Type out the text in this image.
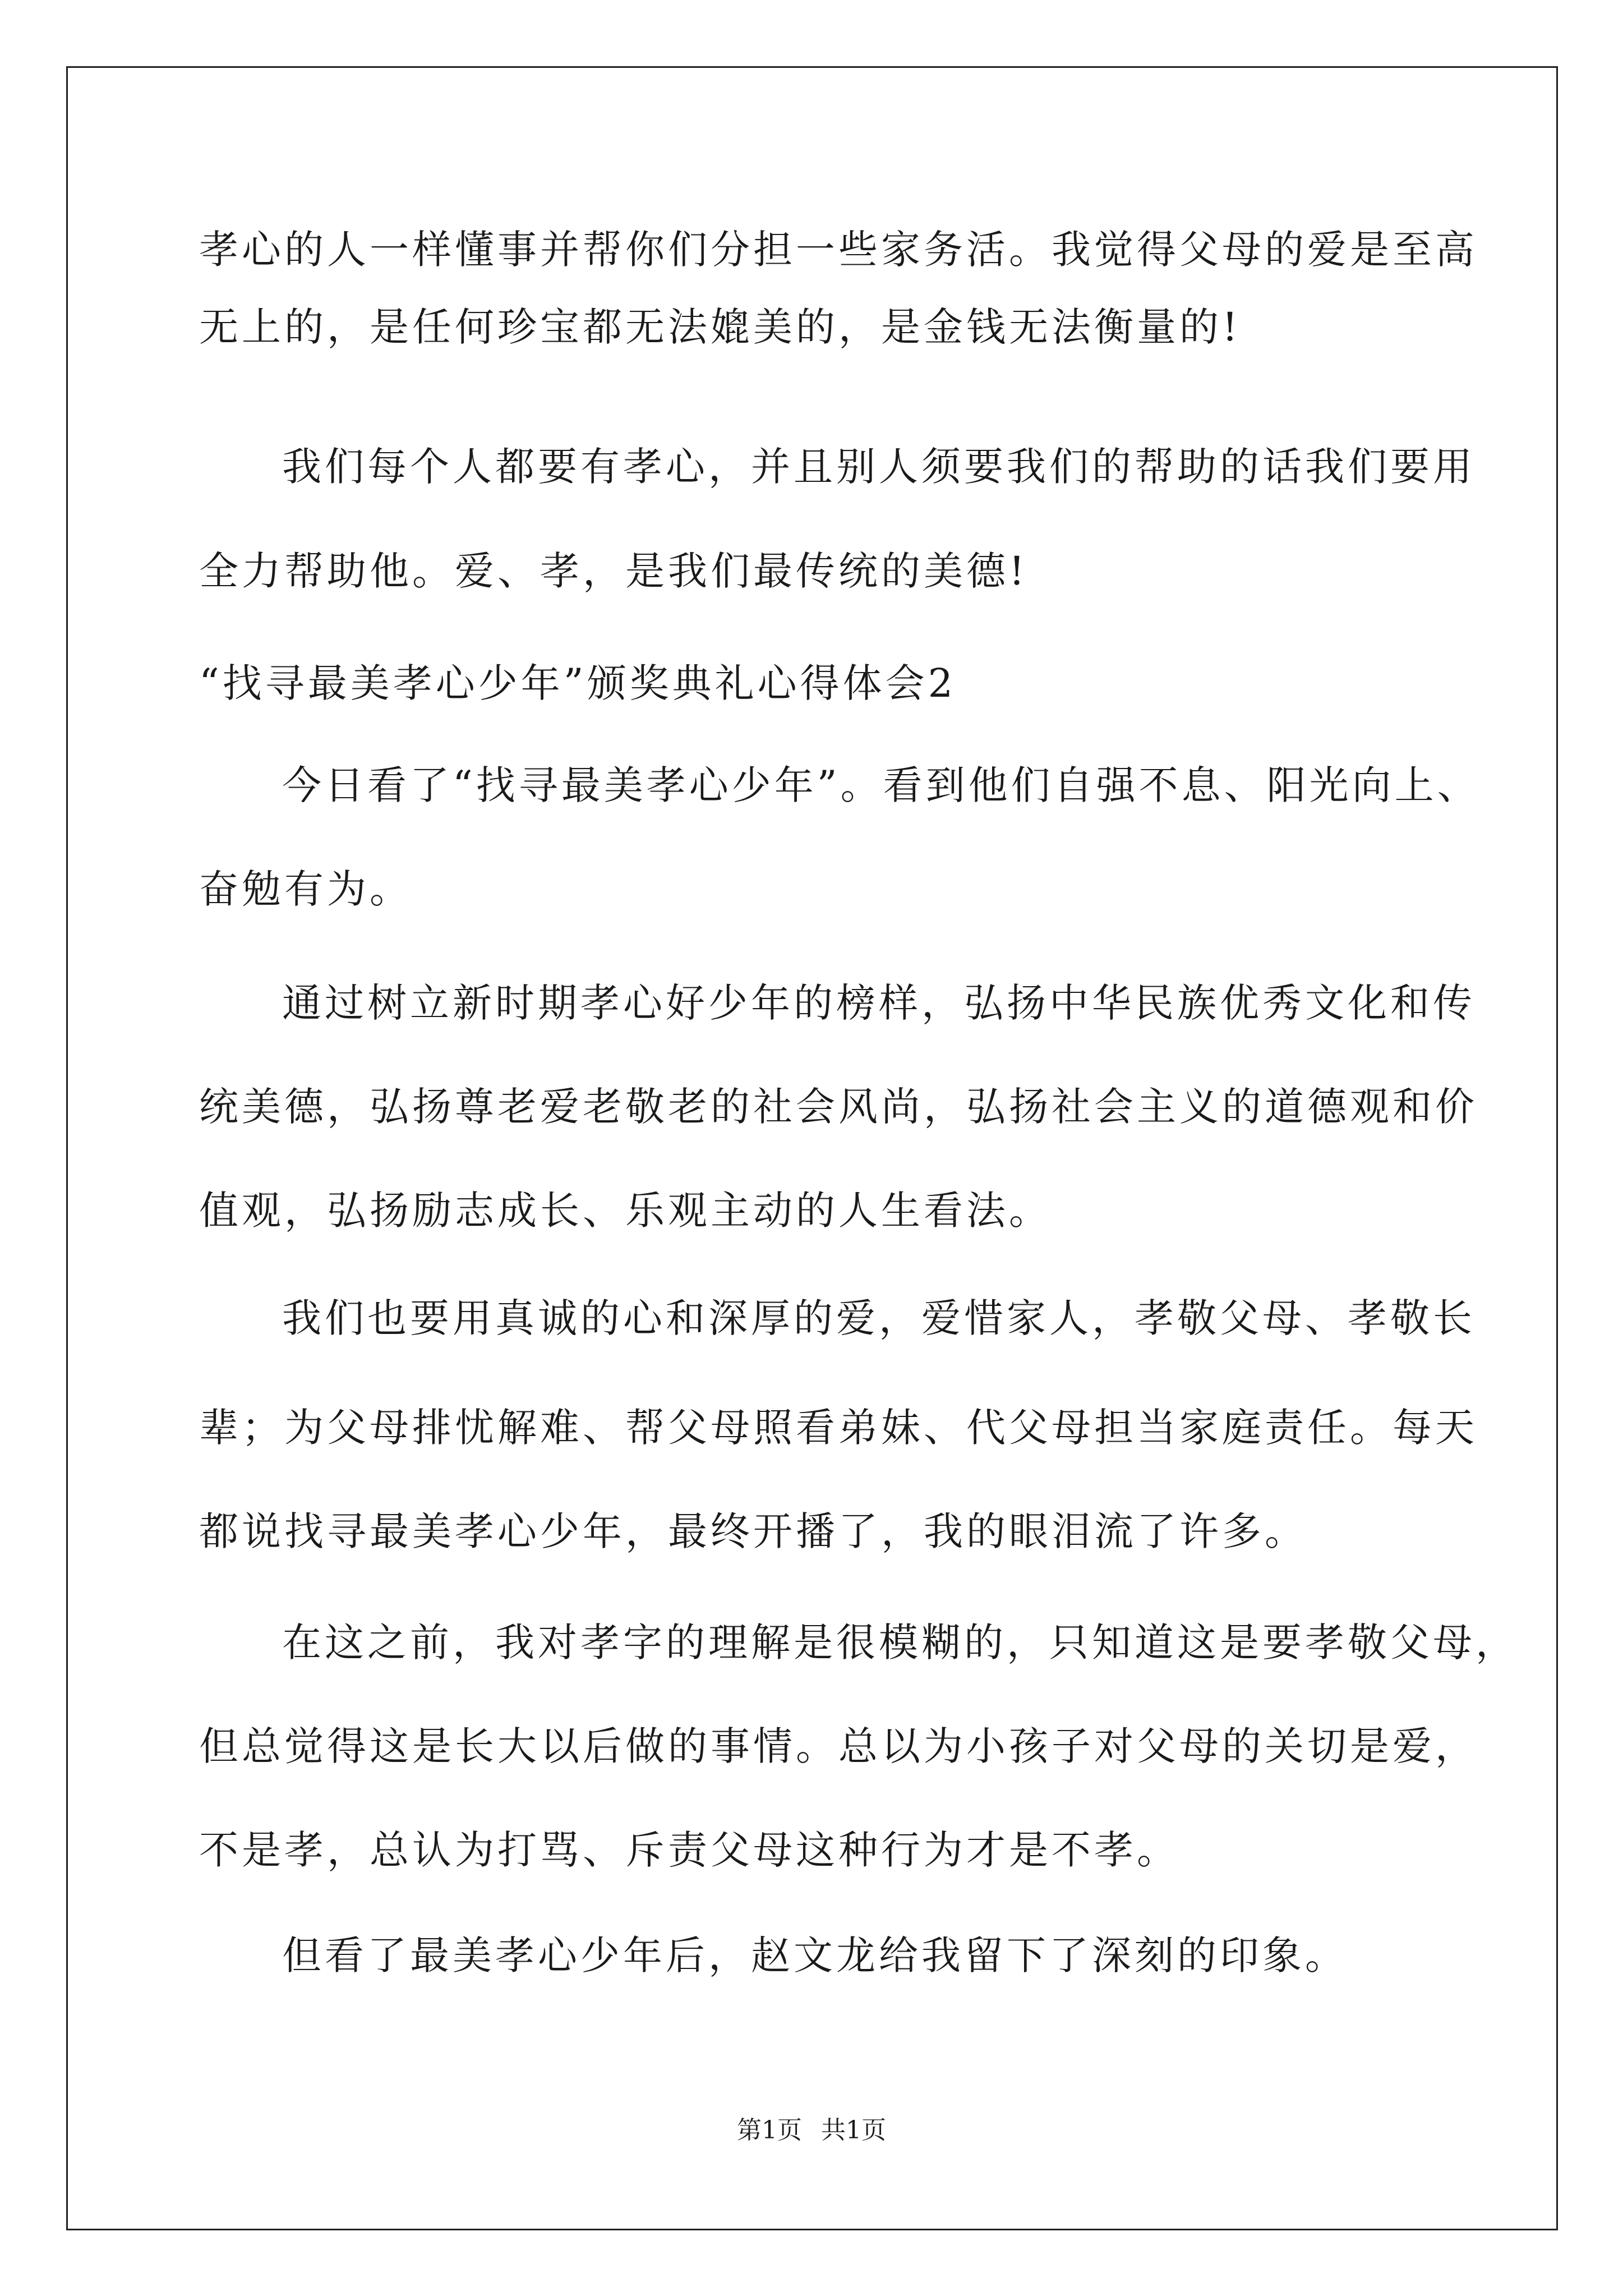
孝心的人一样懂事并帮你们分担一些家务活。我觉得父母的爱是至高
无上的，是任何珍宝都无法媲美的，是金钱无法衡量的!
我们每个人都要有孝心，并且别人须要我们的帮助的话我们要用
全力帮助他。爱、孝，是我们最传统的美德!
“找寻最美孝心少年”颁奖典礼心得体会2
今日看了“找寻最美孝心少年”。看到他们自强不息、阳光向上、
奋勉有为。
通过树立新时期孝心好少年的榜样，弘扬中华民族优秀文化和传
统美德，弘扬尊老爱老敬老的社会风尚，弘扬社会主义的道德观和价
值观，弘扬励志成长、乐观主动的人生看法。
我们也要用真诚的心和深厚的爱，爱惜家人，孝敬父母、孝敬长
辈；为父母排忧解难、帮父母照看弟妹、代父母担当家庭责任。每天
都说找寻最美孝心少年，最终开播了，我的眼泪流了许多。
在这之前，我对孝字的理解是很模糊的，只知道这是要孝敬父母，
但总觉得这是长大以后做的事情。总以为小孩子对父母的关切是爱，
不是孝，总认为打骂、斥责父母这种行为才是不孝。
但看了最美孝心少年后，赵文龙给我留下了深刻的印象。
第1页 共1页
